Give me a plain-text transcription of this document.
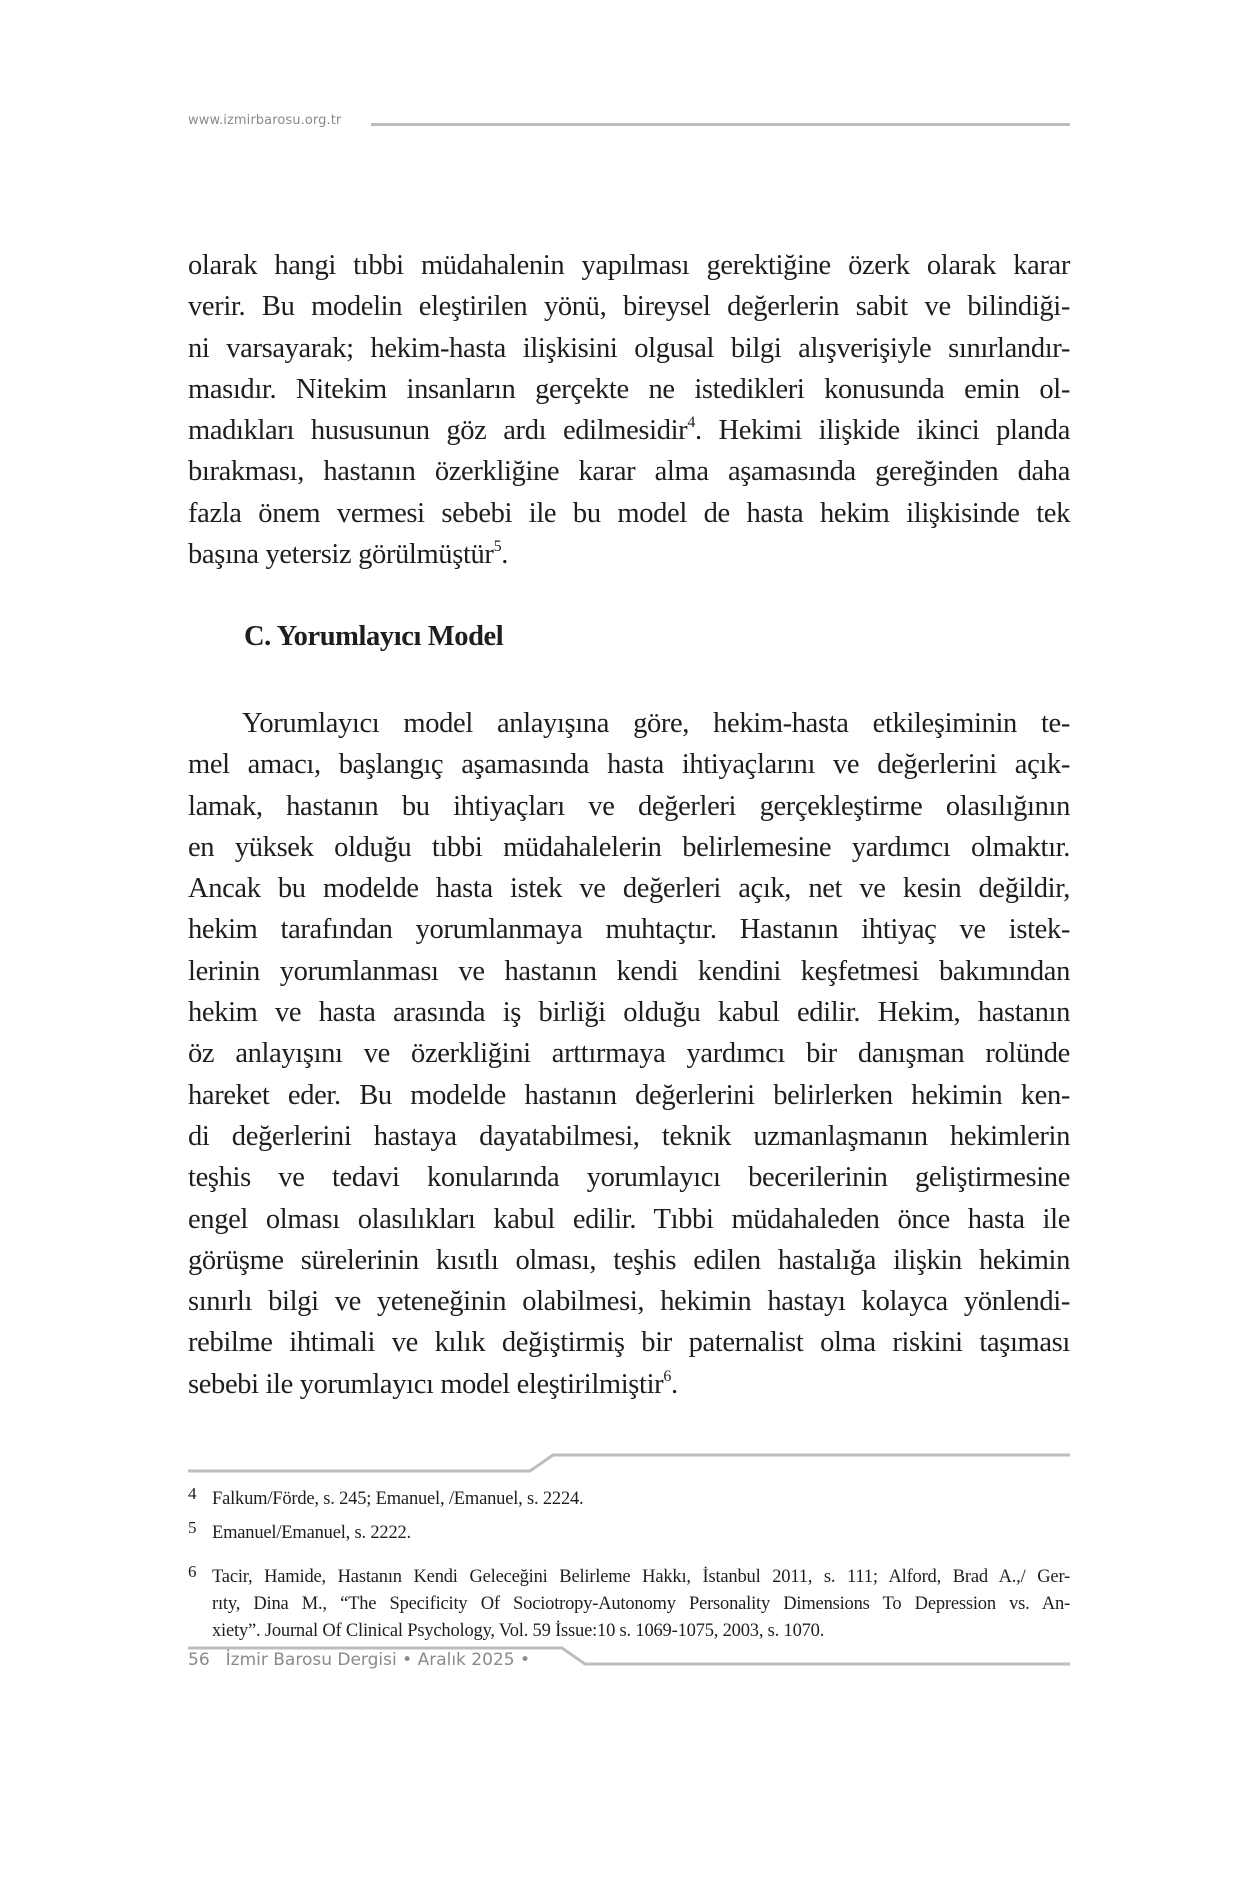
www.izmirbarosu.org.tr
olarak hangi tıbbi müdahalenin yapılması gerektiğine özerk olarak karar
verir. Bu modelin eleştirilen yönü, bireysel değerlerin sabit ve bilindiği-
ni varsayarak; hekim-hasta ilişkisini olgusal bilgi alışverişiyle sınırlandır-
masıdır. Nitekim insanların gerçekte ne istedikleri konusunda emin ol-
madıkları hususunun göz ardı edilmesidir$^4$. Hekimi ilişkide ikinci planda
bırakması, hastanın özerkliğine karar alma aşamasında gereğinden daha
fazla önem vermesi sebebi ile bu model de hasta hekim ilişkisinde tek
başına yetersiz görülmüştür$^5$.
C. Yorumlayıcı Model
Yorumlayıcı model anlayışına göre, hekim-hasta etkileşiminin te-
mel amacı, başlangıç aşamasında hasta ihtiyaçlarını ve değerlerini açık-
lamak, hastanın bu ihtiyaçları ve değerleri gerçekleştirme olasılığının
en yüksek olduğu tıbbi müdahalelerin belirlemesine yardımcı olmaktır.
Ancak bu modelde hasta istek ve değerleri açık, net ve kesin değildir,
hekim tarafından yorumlanmaya muhtaçtır. Hastanın ihtiyaç ve istek-
lerinin yorumlanması ve hastanın kendi kendini keşfetmesi bakımından
hekim ve hasta arasında iş birliği olduğu kabul edilir. Hekim, hastanın
öz anlayışını ve özerkliğini arttırmaya yardımcı bir danışman rolünde
hareket eder. Bu modelde hastanın değerlerini belirlerken hekimin ken-
di değerlerini hastaya dayatabilmesi, teknik uzmanlaşmanın hekimlerin
teşhis ve tedavi konularında yorumlayıcı becerilerinin geliştirmesine
engel olması olasılıkları kabul edilir. Tıbbi müdahaleden önce hasta ile
görüşme sürelerinin kısıtlı olması, teşhis edilen hastalığa ilişkin hekimin
sınırlı bilgi ve yeteneğinin olabilmesi, hekimin hastayı kolayca yönlendi-
rebilme ihtimali ve kılık değiştirmiş bir paternalist olma riskini taşıması
sebebi ile yorumlayıcı model eleştirilmiştir$^6$.
4 Falkum/Förde, s. 245; Emanuel, /Emanuel, s. 2224.
5 Emanuel/Emanuel, s. 2222.
6 Tacir, Hamide, Hastanın Kendi Geleceğini Belirleme Hakkı, İstanbul 2011, s. 111; Alford, Brad A.,/ Ger-
rıty, Dina M., “The Specificity Of Sociotropy-Autonomy Personality Dimensions To Depression vs. An-
xiety”. Journal Of Clinical Psychology, Vol. 59 İssue:10 s. 1069-1075, 2003, s. 1070.
56 İzmir Barosu Dergisi • Aralık 2025 •
